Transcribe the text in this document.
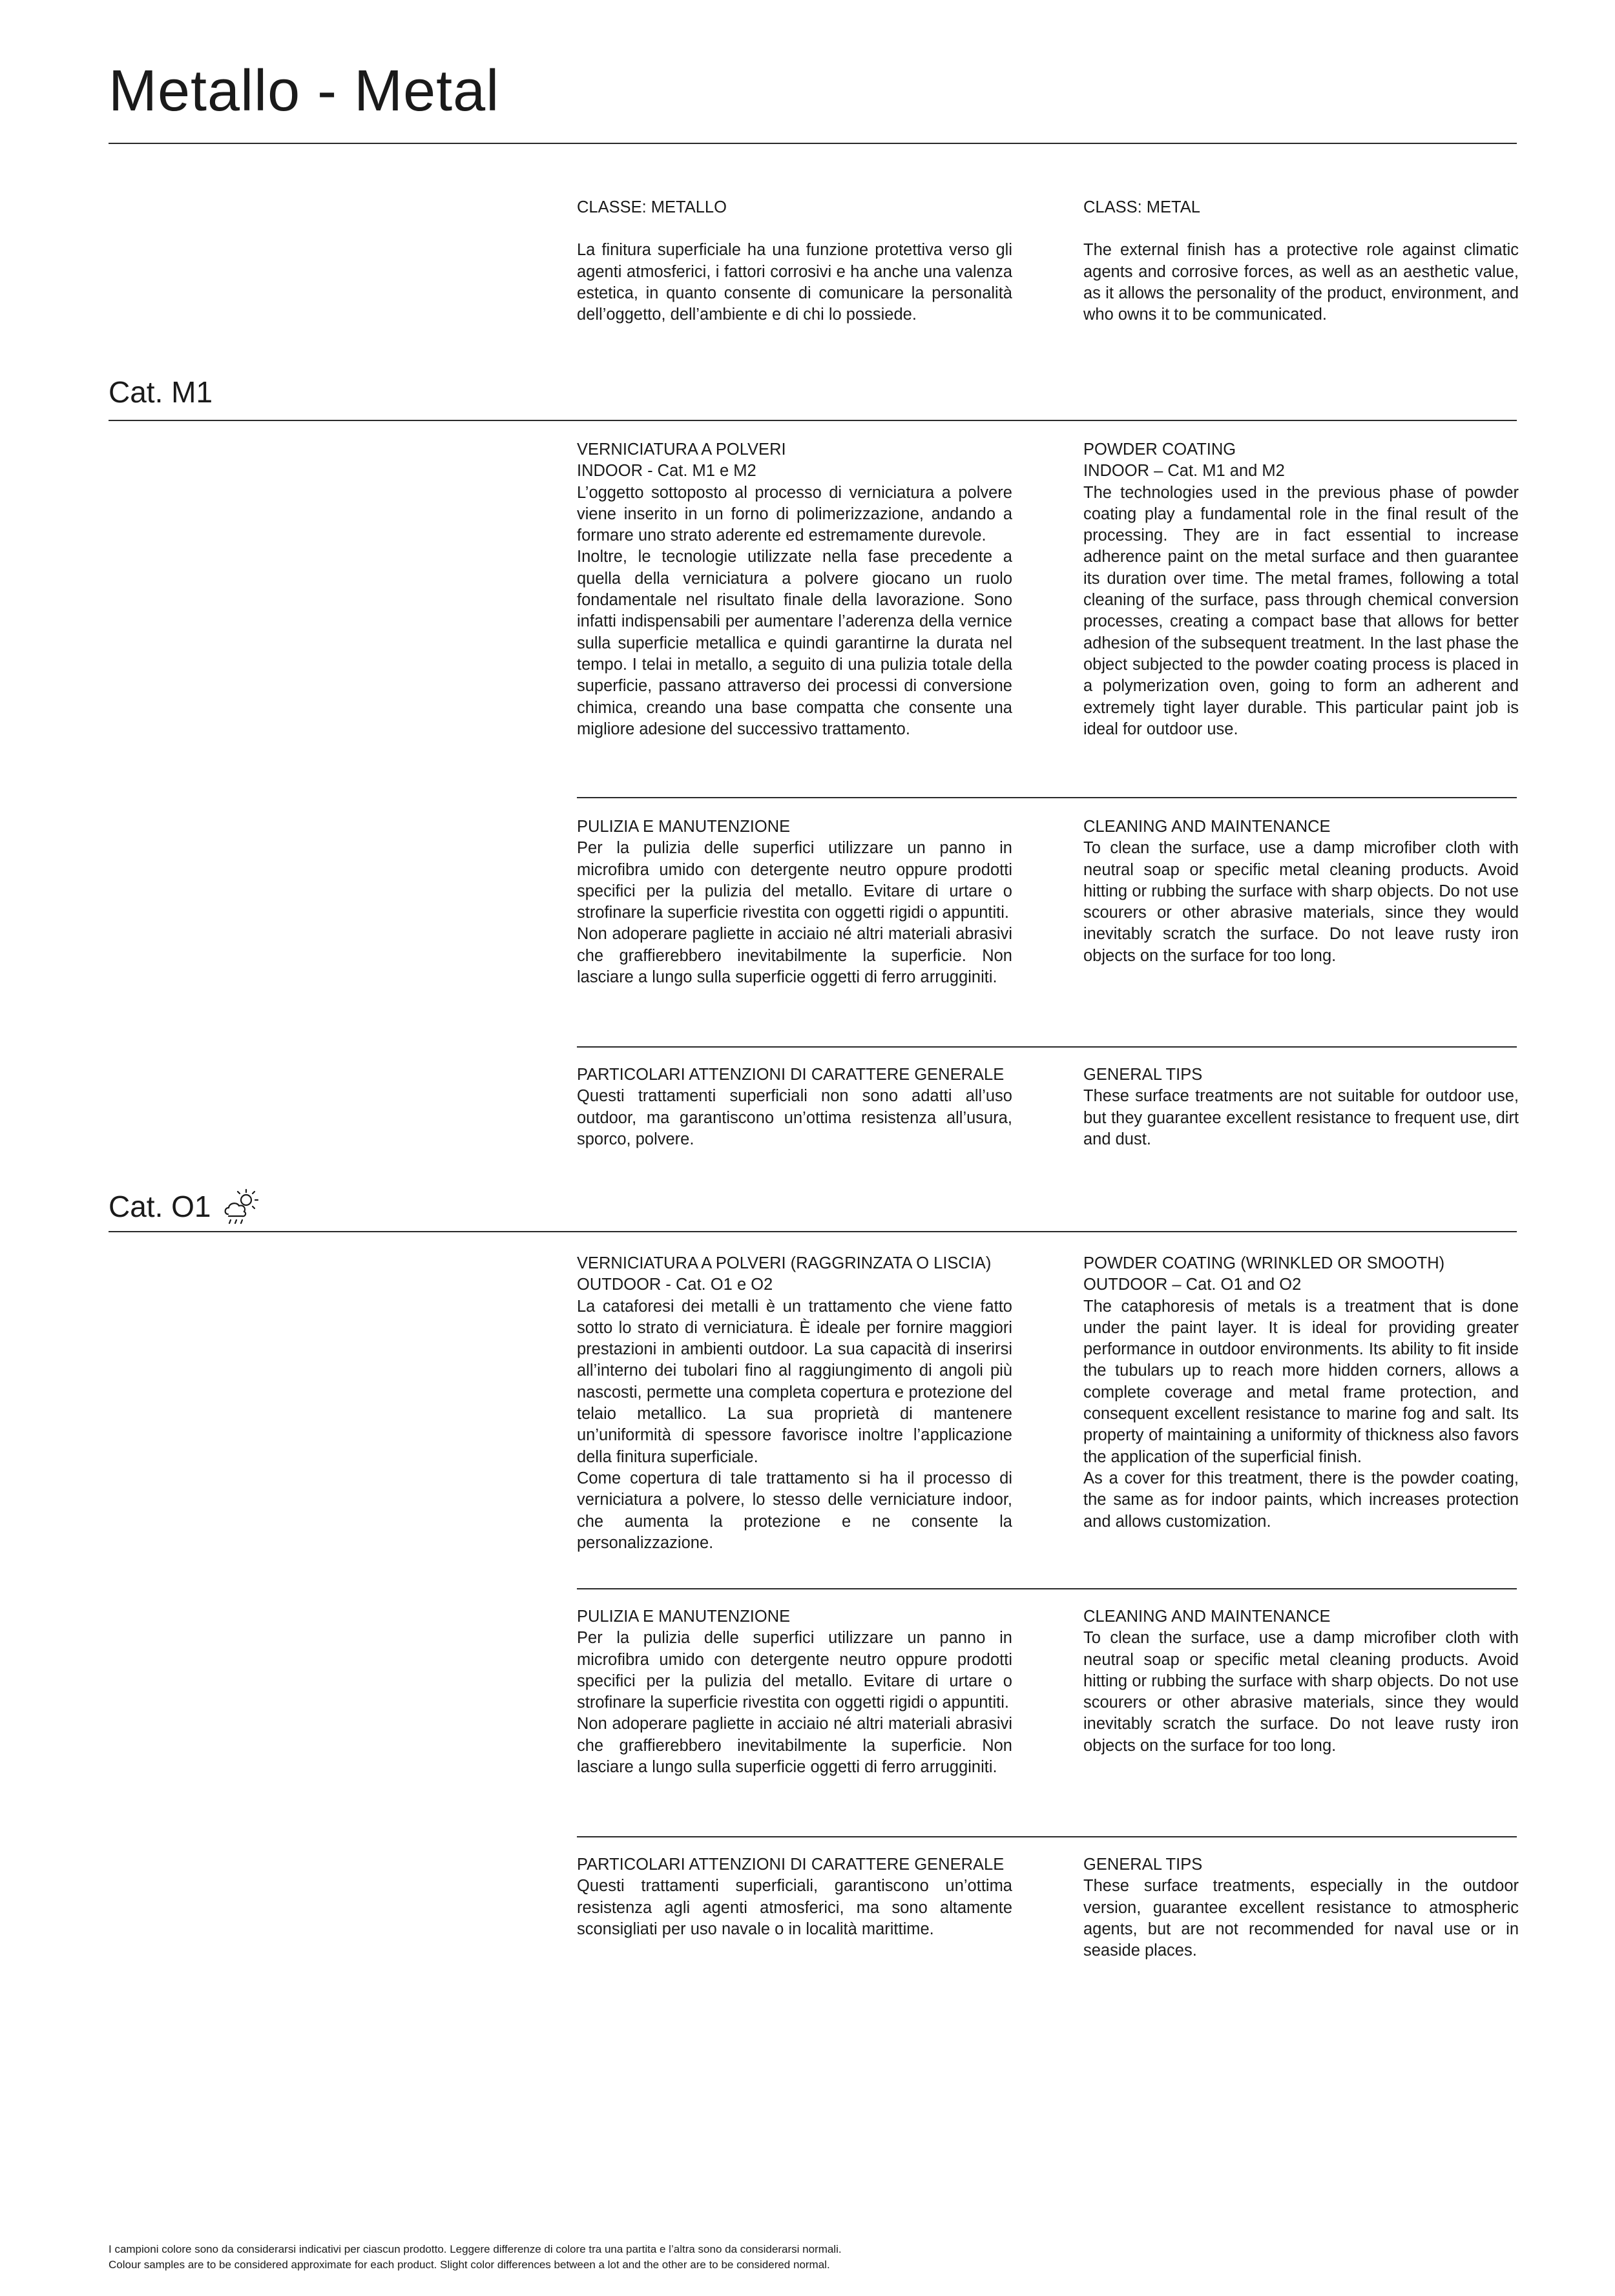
Metallo - Metal
CLASSE: METALLO

La finitura superficiale ha una funzione protettiva verso gli agenti atmosferici, i fattori corrosivi e ha anche una valenza estetica, in quanto consente di comunicare la personalità dell’oggetto, dell’ambiente e di chi lo possiede.

CLASS: METAL

The external finish has a protective role against climatic agents and corrosive forces, as well as an aesthetic value, as it allows the personality of the product, environment, and who owns it to be communicated.

Cat. M1
VERNICIATURA A POLVERI
INDOOR - Cat. M1 e M2

L’oggetto sottoposto al processo di verniciatura a polvere viene inserito in un forno di polimerizzazione, andando a formare uno strato aderente ed estremamente durevole.

Inoltre, le tecnologie utilizzate nella fase precedente a quella della verniciatura a polvere giocano un ruolo fondamentale nel risultato finale della lavorazione. Sono infatti indispensabili per aumentare l’aderenza della vernice sulla superficie metallica e quindi garantirne la durata nel tempo. I telai in metallo, a seguito di una pulizia totale della superficie, passano attraverso dei processi di conversione chimica, creando una base compatta che consente una migliore adesione del successivo trattamento.

POWDER COATING
INDOOR – Cat. M1 and M2

The technologies used in the previous phase of powder coating play a fundamental role in the final result of the processing. They are in fact essential to increase adherence paint on the metal surface and then guarantee its duration over time. The metal frames, following a total cleaning of the surface, pass through chemical conversion processes, creating a compact base that allows for better adhesion of the subsequent treatment. In the last phase the object subjected to the powder coating process is placed in a polymerization oven, going to form an adherent and extremely tight layer durable. This particular paint job is ideal for outdoor use.

PULIZIA E MANUTENZIONE

Per la pulizia delle superfici utilizzare un panno in microfibra umido con detergente neutro oppure prodotti specifici per la pulizia del metallo. Evitare di urtare o strofinare la superficie rivestita con oggetti rigidi o appuntiti.

Non adoperare pagliette in acciaio né altri materiali abrasivi che graffierebbero inevitabilmente la superficie. Non lasciare a lungo sulla superficie oggetti di ferro arrugginiti.

CLEANING AND MAINTENANCE

To clean the surface, use a damp microfiber cloth with neutral soap or specific metal cleaning products. Avoid hitting or rubbing the surface with sharp objects. Do not use scourers or other abrasive materials, since they would inevitably scratch the surface. Do not leave rusty iron objects on the surface for too long.

PARTICOLARI ATTENZIONI DI CARATTERE GENERALE

Questi trattamenti superficiali non sono adatti all’uso outdoor, ma garantiscono un’ottima resistenza all’usura, sporco, polvere.

GENERAL TIPS

These surface treatments are not suitable for outdoor use, but they guarantee excellent resistance to frequent use, dirt and dust.

Cat. O1
VERNICIATURA A POLVERI (RAGGRINZATA O LISCIA)
OUTDOOR - Cat. O1 e O2

La cataforesi dei metalli è un trattamento che viene fatto sotto lo strato di verniciatura. È ideale per fornire maggiori prestazioni in ambienti outdoor. La sua capacità di inserirsi all’interno dei tubolari fino al raggiungimento di angoli più nascosti, permette una completa copertura e protezione del telaio metallico. La sua proprietà di mantenere un’uniformità di spessore favorisce inoltre l’applicazione della finitura superficiale.

Come copertura di tale trattamento si ha il processo di verniciatura a polvere, lo stesso delle verniciature indoor, che aumenta la protezione e ne consente la personalizzazione.

POWDER COATING (WRINKLED OR SMOOTH)
OUTDOOR – Cat. O1 and O2

The cataphoresis of metals is a treatment that is done under the paint layer. It is ideal for providing greater performance in outdoor environments. Its ability to fit inside the tubulars up to reach more hidden corners, allows a complete coverage and metal frame protection, and consequent excellent resistance to marine fog and salt. Its property of maintaining a uniformity of thickness also favors the application of the superficial finish.

As a cover for this treatment, there is the powder coating, the same as for indoor paints, which increases protection and allows customization.

PULIZIA E MANUTENZIONE

Per la pulizia delle superfici utilizzare un panno in microfibra umido con detergente neutro oppure prodotti specifici per la pulizia del metallo. Evitare di urtare o strofinare la superficie rivestita con oggetti rigidi o appuntiti.

Non adoperare pagliette in acciaio né altri materiali abrasivi che graffierebbero inevitabilmente la superficie. Non lasciare a lungo sulla superficie oggetti di ferro arrugginiti.

CLEANING AND MAINTENANCE

To clean the surface, use a damp microfiber cloth with neutral soap or specific metal cleaning products. Avoid hitting or rubbing the surface with sharp objects. Do not use scourers or other abrasive materials, since they would inevitably scratch the surface. Do not leave rusty iron objects on the surface for too long.

PARTICOLARI ATTENZIONI DI CARATTERE GENERALE

Questi trattamenti superficiali, garantiscono un’ottima resistenza agli agenti atmosferici, ma sono altamente sconsigliati per uso navale o in località marittime.

GENERAL TIPS

These surface treatments, especially in the outdoor version, guarantee excellent resistance to atmospheric agents, but are not recommended for naval use or in seaside places.

I campioni colore sono da considerarsi indicativi per ciascun prodotto. Leggere differenze di colore tra una partita e l’altra sono da considerarsi normali.
Colour samples are to be considered approximate for each product. Slight color differences between a lot and the other are to be considered normal.
